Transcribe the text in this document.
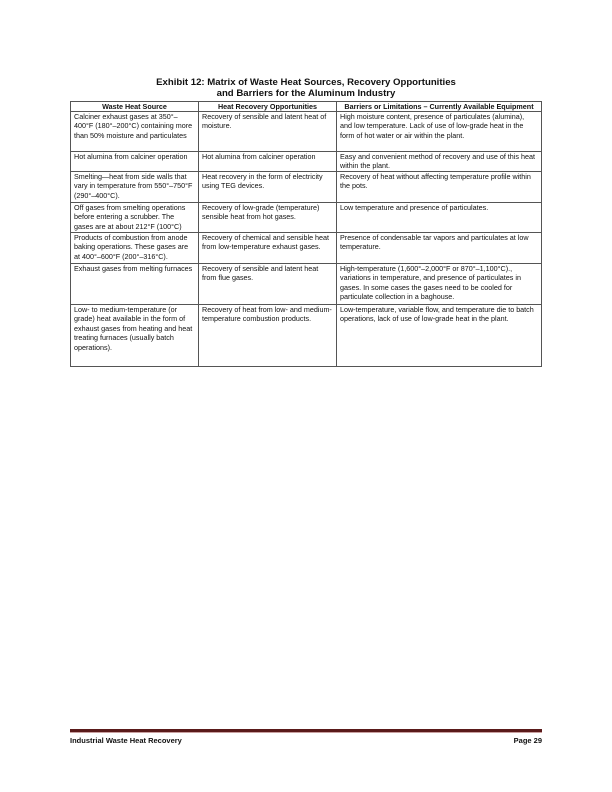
Exhibit 12: Matrix of Waste Heat Sources, Recovery Opportunities
and Barriers for the Aluminum Industry
Waste Heat Source	Heat Recovery Opportunities	Barriers or Limitations – Currently Available Equipment
Calciner exhaust gases at 350°–400°F (180°–200°C) containing more than 50% moisture and particulates	Recovery of sensible and latent heat of moisture.	High moisture content, presence of particulates (alumina), and low temperature. Lack of use of low-grade heat in the form of hot water or air within the plant.
Hot alumina from calciner operation	Hot alumina from calciner operation	Easy and convenient method of recovery and use of this heat within the plant.
Smelting—heat from side walls that vary in temperature from 550°–750°F (290°–400°C).	Heat recovery in the form of electricity using TEG devices.	Recovery of heat without affecting temperature profile within the pots.
Off gases from smelting operations before entering a scrubber. The gases are at about 212°F (100°C)	Recovery of low-grade (temperature) sensible heat from hot gases.	Low temperature and presence of particulates.
Products of combustion from anode baking operations. These gases are at 400°–600°F (200°–316°C).	Recovery of chemical and sensible heat from low-temperature exhaust gases.	Presence of condensable tar vapors and particulates at low temperature.
Exhaust gases from melting furnaces	Recovery of sensible and latent heat from flue gases.	High-temperature (1,600°–2,000°F or 870°–1,100°C)., variations in temperature, and presence of particulates in gases. In some cases the gases need to be cooled for particulate collection in a baghouse.
Low- to medium-temperature (or grade) heat available in the form of exhaust gases from heating and heat treating furnaces (usually batch operations).	Recovery of heat from low- and medium-temperature combustion products.	Low-temperature, variable flow, and temperature die to batch operations, lack of use of low-grade heat in the plant.
Industrial Waste Heat Recovery	Page 29
